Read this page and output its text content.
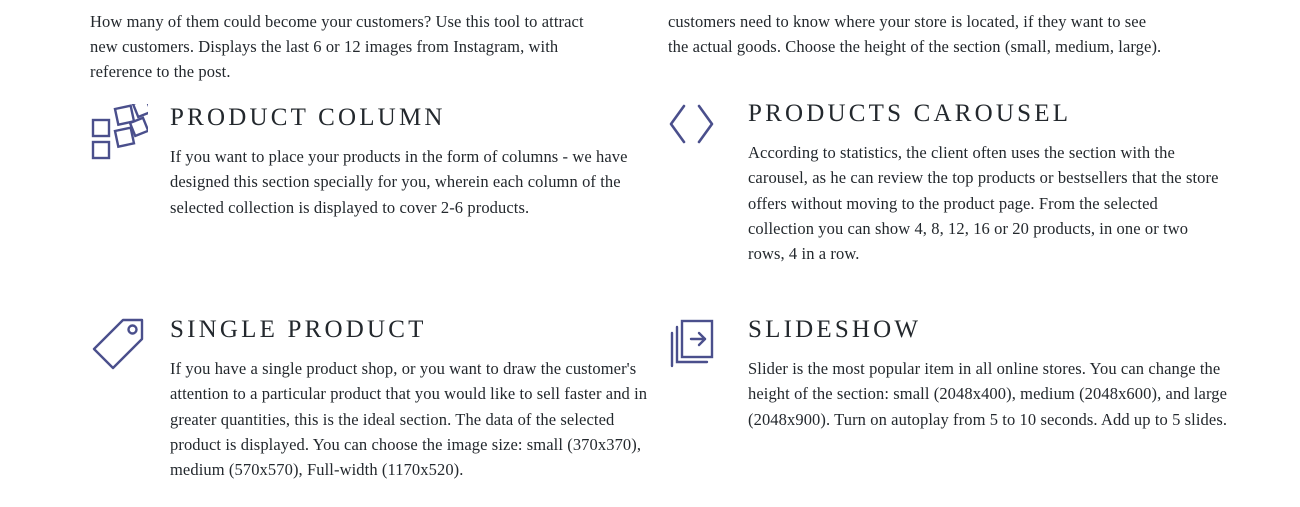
How many of them could become your customers? Use this tool to attract new customers. Displays the last 6 or 12 images from Instagram, with reference to the post.

customers need to know where your store is located, if they want to see the actual goods. Choose the height of the section (small, medium, large).

PRODUCT COLUMN

If you want to place your products in the form of columns - we have designed this section specially for you, wherein each column of the selected collection is displayed to cover 2-6 products.

SINGLE PRODUCT

If you have a single product shop, or you want to draw the customer's attention to a particular product that you would like to sell faster and in greater quantities, this is the ideal section. The data of the selected product is displayed. You can choose the image size: small (370x370), medium (570x570), Full-width (1170x520).

PRODUCTS CAROUSEL

According to statistics, the client often uses the section with the carousel, as he can review the top products or bestsellers that the store offers without moving to the product page. From the selected collection you can show 4, 8, 12, 16 or 20 products, in one or two rows, 4 in a row.

SLIDESHOW

Slider is the most popular item in all online stores. You can change the height of the section: small (2048x400), medium (2048x600), and large (2048x900). Turn on autoplay from 5 to 10 seconds. Add up to 5 slides.
